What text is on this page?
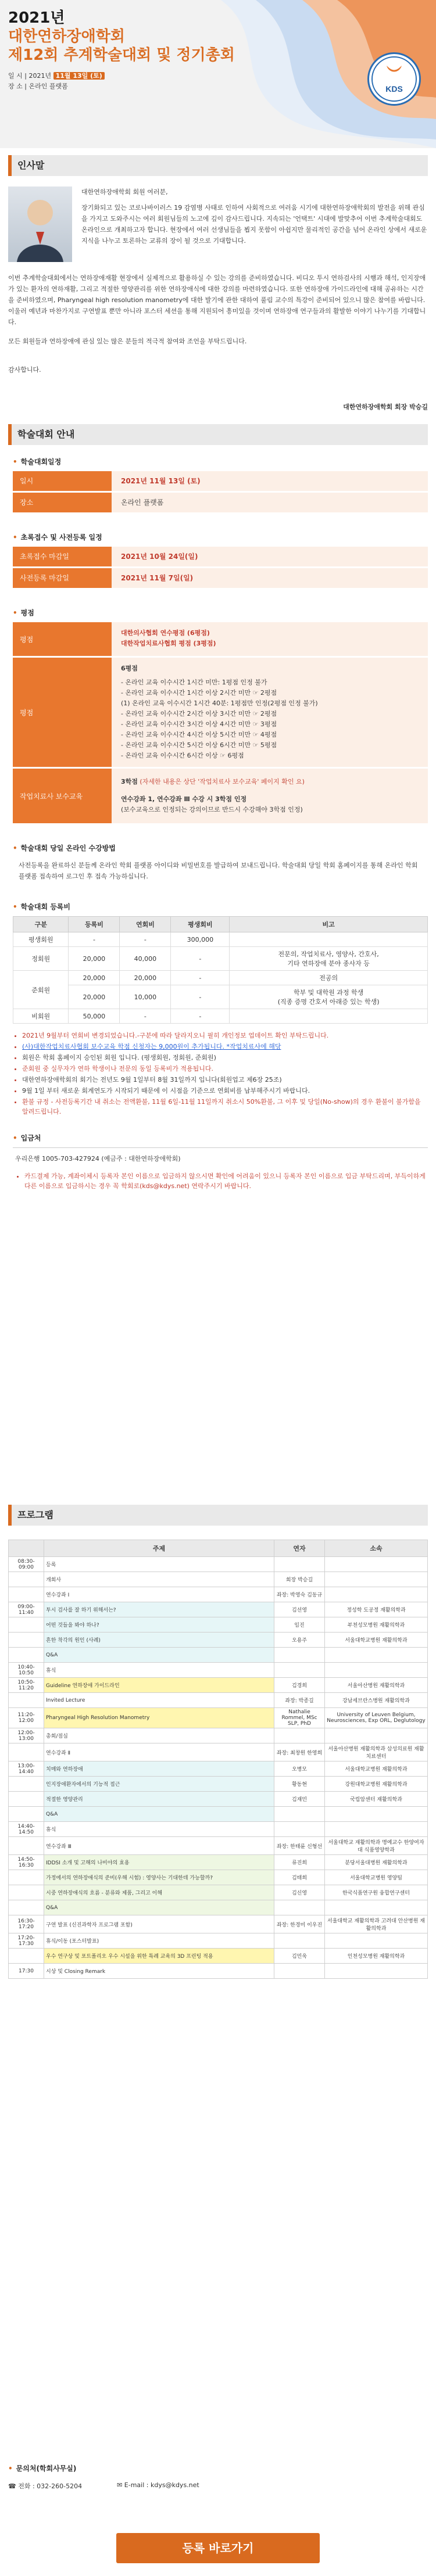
2021년
대한연하장애학회
제12회 추계학술대회 및 정기총회
일 시 | 2021년 11월 13일 (토)
장 소 | 온라인 플랫폼	KDS
인사말
대한연하장애학회 회원 여러분,
장기화되고 있는 코로나바이러스 19 감염병 사태로 인하여 사회적으로 여러움 시기에 대한연하장애학회의 발전을 위해 관심을 가지고 도와주시는 여러 회원님들의 노고에 깊이 감사드립니다. 지속되는 '언택트' 시대에 발맞추어 이번 추계학술대회도 온라인으로 개최하고자 합니다. 현장에서 여러 선생님들을 뵙지 못함이 아쉽지만 물리적인 공간을 넘어 온라인 상에서 새로운 지식을 나누고 토론하는 교류의 장이 될 것으로 기대합니다.
이번 추계학술대회에서는 연하장애재활 현장에서 실제적으로 활용하실 수 있는 강의를 준비하였습니다. 비디오 투시 연하검사의 시행과 해석, 인지장애가 있는 환자의 연하재활, 그리고 적절한 영양관리를 위한 연하장애식에 대한 강의를 마련하였습니다. 또한 연하장애 가이드라인에 대해 공유하는 시간을 준비하였으며, Pharyngeal high resolution manometry에 대한 발기에 관한 대하여 풀림 교수의 특강이 준비되어 있으니 많은 참여를 바랍니다. 이울러 예년과 마찬가지로 구연발표 뿐만 아니라 포스터 세션을 통해 지원되어 흥미있을 것이며 연하장애 연구들과의 활발한 이야기 나누기를 기대합니다.
모든 회원들과 연하장애에 관심 있는 많은 분들의 적극적 참여와 조언을 부탁드립니다.
감사합니다.
대한연하장애학회 회장 박승길
학술대회 안내
• 학술대회일정
일시	2021년 11월 13일 (토)
장소	온라인 플랫폼
• 초록접수 및 사전등록 일정
초록접수 마감일	2021년 10월 24일(일)
사전등록 마감일	2021년 11월 7일(일)
• 평점
평점
대한의사협회 연수평점 (6평점)
대한작업치료사협회 평점 (3평점)
평점
6평점
- 온라인 교육 이수시간 1시간 미만: 1평점 인정 불가
- 온라인 교육 이수시간 1시간 이상 2시간 미만 ☞ 2평점
(1) 온라인 교육 이수시간 1시간 40분: 1평점만 인정(2평점 인정 불가)
- 온라인 교육 이수시간 2시간 이상 3시간 미만 ☞ 2평점
- 온라인 교육 이수시간 3시간 이상 4시간 미만 ☞ 3평점
- 온라인 교육 이수시간 4시간 이상 5시간 미만 ☞ 4평점
- 온라인 교육 이수시간 5시간 이상 6시간 미만 ☞ 5평점
- 온라인 교육 이수시간 6시간 이상 ☞ 6평점
작업치료사 보수교육
3학점 (자세한 내용은 상단 '작업치료사 보수교육' 페이지 확인 요)
연수강좌 1, 연수강좌 Ⅲ 수강 시 3학점 인정
(보수교육으로 인정되는 강의이므로 반드시 수강해야 3학점 인정)
• 학술대회 당일 온라인 수강방법
사전등록을 완료하신 분들께 온라인 학회 플랫폼 아이디와 비밀번호를 발급하여 보내드립니다. 학술대회 당일 학회 홈페이지를 통해 온라인 학회 플랫폼 접속하여 로그인 후 접속 가능하십니다.
• 학술대회 등록비
구분	등록비	연회비	평생회비	비고
평생회원	-	-	300,000	
정회원	20,000	40,000	-	전문의, 작업치료사, 영양사, 간호사,
기타 연하장애 분야 종사자 등
준회원	20,000	20,000	-	전공의
	20,000	10,000	-	학부 및 대학원 과정 학생
(직종 증명 간호서 아래증 있는 학생)
비회원	50,000	-	-	
• 2021년 9월부터 연회비 변경되었습니다.-구분에 따라 달라지오니 필히 개인정보 업데이트 확인 부탁드립니다.
• (사)대한작업치료사협회 보수교육 학점 신청자는 9,000원이 추가됩니다. *작업치료사에 해당
• 회원은 학회 홈페이지 승인된 회원 입니다. (평생회원, 정회원, 준회원)
• 준회원 중 실무자가 연하 학생이나 전문의 동일 등록비가 적용됩니다.
• 대한연하장애학회의 회기는 전년도 9월 1일부터 8월 31일까지 입니다(회원업고 제6장 25조)
• 9월 1일 부터 새로운 회계연도가 시작되기 때문에 이 시점을 기준으로 연회비를 납부해주시기 바랍니다.
• 환불 규정 - 사전등록기간 내 취소는 전액환불, 11월 6일-11월 11일까지 취소시 50%환불, 그 이후 및 당일(No-show)의 경우 환불이 불가함을 알려드립니다.
• 입금처
우리은행 1005-703-427924 (예금주 : 대한연하장애학회)
• 카드결제 가능, 계좌이체시 등록자 본인 이름으로 입금하지 않으시면 확인에 어려움이 있으니 등록자 본인 이름으로 입금 부탁드리며, 부득이하게 다른 이름으로 입금하시는 경우 꼭 학회로(kds@kdys.net) 연락주시기 바랍니다.
프로그램
	주제	연자	소속
08:30-09:00	등록		
	개회사	회장 박승길	
	연수강좌 Ⅰ	좌장: 박영숙 김동규	
09:00-11:40	투시 검사를 잘 하기 위해서는?	김선영	정성학 도공정 재활의학과
	어떤 것들을 봐야 하나?	임진	부천성모병원 재활의학과
	흔한 착각의 원인 (사례)	오용주	서울대학교병원 재활의학과
	Q&A		
10:40-10:50	휴식		
10:50-11:20	Guideline 연하장애 가이드라인	김경희	서울아산병원 재활의학과
	Invited Lecture	좌장: 박종길	강남세브란스병원 재활의학과
11:20-12:00	Pharyngeal High Resolution Manometry	Nathalie Rommel, MSc SLP, PhD	University of Leuven Belgium, Neurosciences, Exp ORL, Deglutology
12:00-13:00	총회/점심		
	연수강좌 Ⅱ	좌장: 최창원 한영희	서울아산병원 재활의학과 삼성의료원 재활치료센터
13:00-14:40	치매와 연하장애	오병모	서울대학교병원 재활의학과
	인지장애환자에서의 기능적 접근	황동현	강원대학교병원 재활의학과
	적절한 영양관리	김재민	국립암센터 재활의학과
	Q&A		
14:40-14:50	휴식		
	연수강좌 Ⅲ	좌장: 한태륜 신형선	서울대학교 재활의학과 명예교수 한양여자대 식품영양학과
14:50-16:30	IDDSI 소개 및 고해의 나비야의 효용	류진희	분당서울대병원 재활의학과
	가정에서의 연하장애식의 준비(우해 시험) : 영양사는 기대한데 가능할까?	김태희	서울대학교병원 영양팀
	시중 연하장애식의 흐름 - 분류와 제품, 그리고 이해	김신영	한국식품연구원 융합연구센터
	Q&A		
16:30-17:20	구연 발표 (신진과학자 프로그램 포함)	좌장: 한경미 이우진	서울대학교 재활의학과 고려대 안산병원 재활의학과
17:20-17:30	휴식/이동 (포스터발표)		
	우수 연구상 및 포트폴리오 우수 시설을 위한 특례 교육의 3D 프린팅 적용	김민욱	인천성모병원 재활의학과
17:30	시상 및 Closing Remark		
• 문의처(학회사무실)
☎ 전화 : 032-260-5204	✉ E-mail : kdys@kdys.net
등록 바로가기
